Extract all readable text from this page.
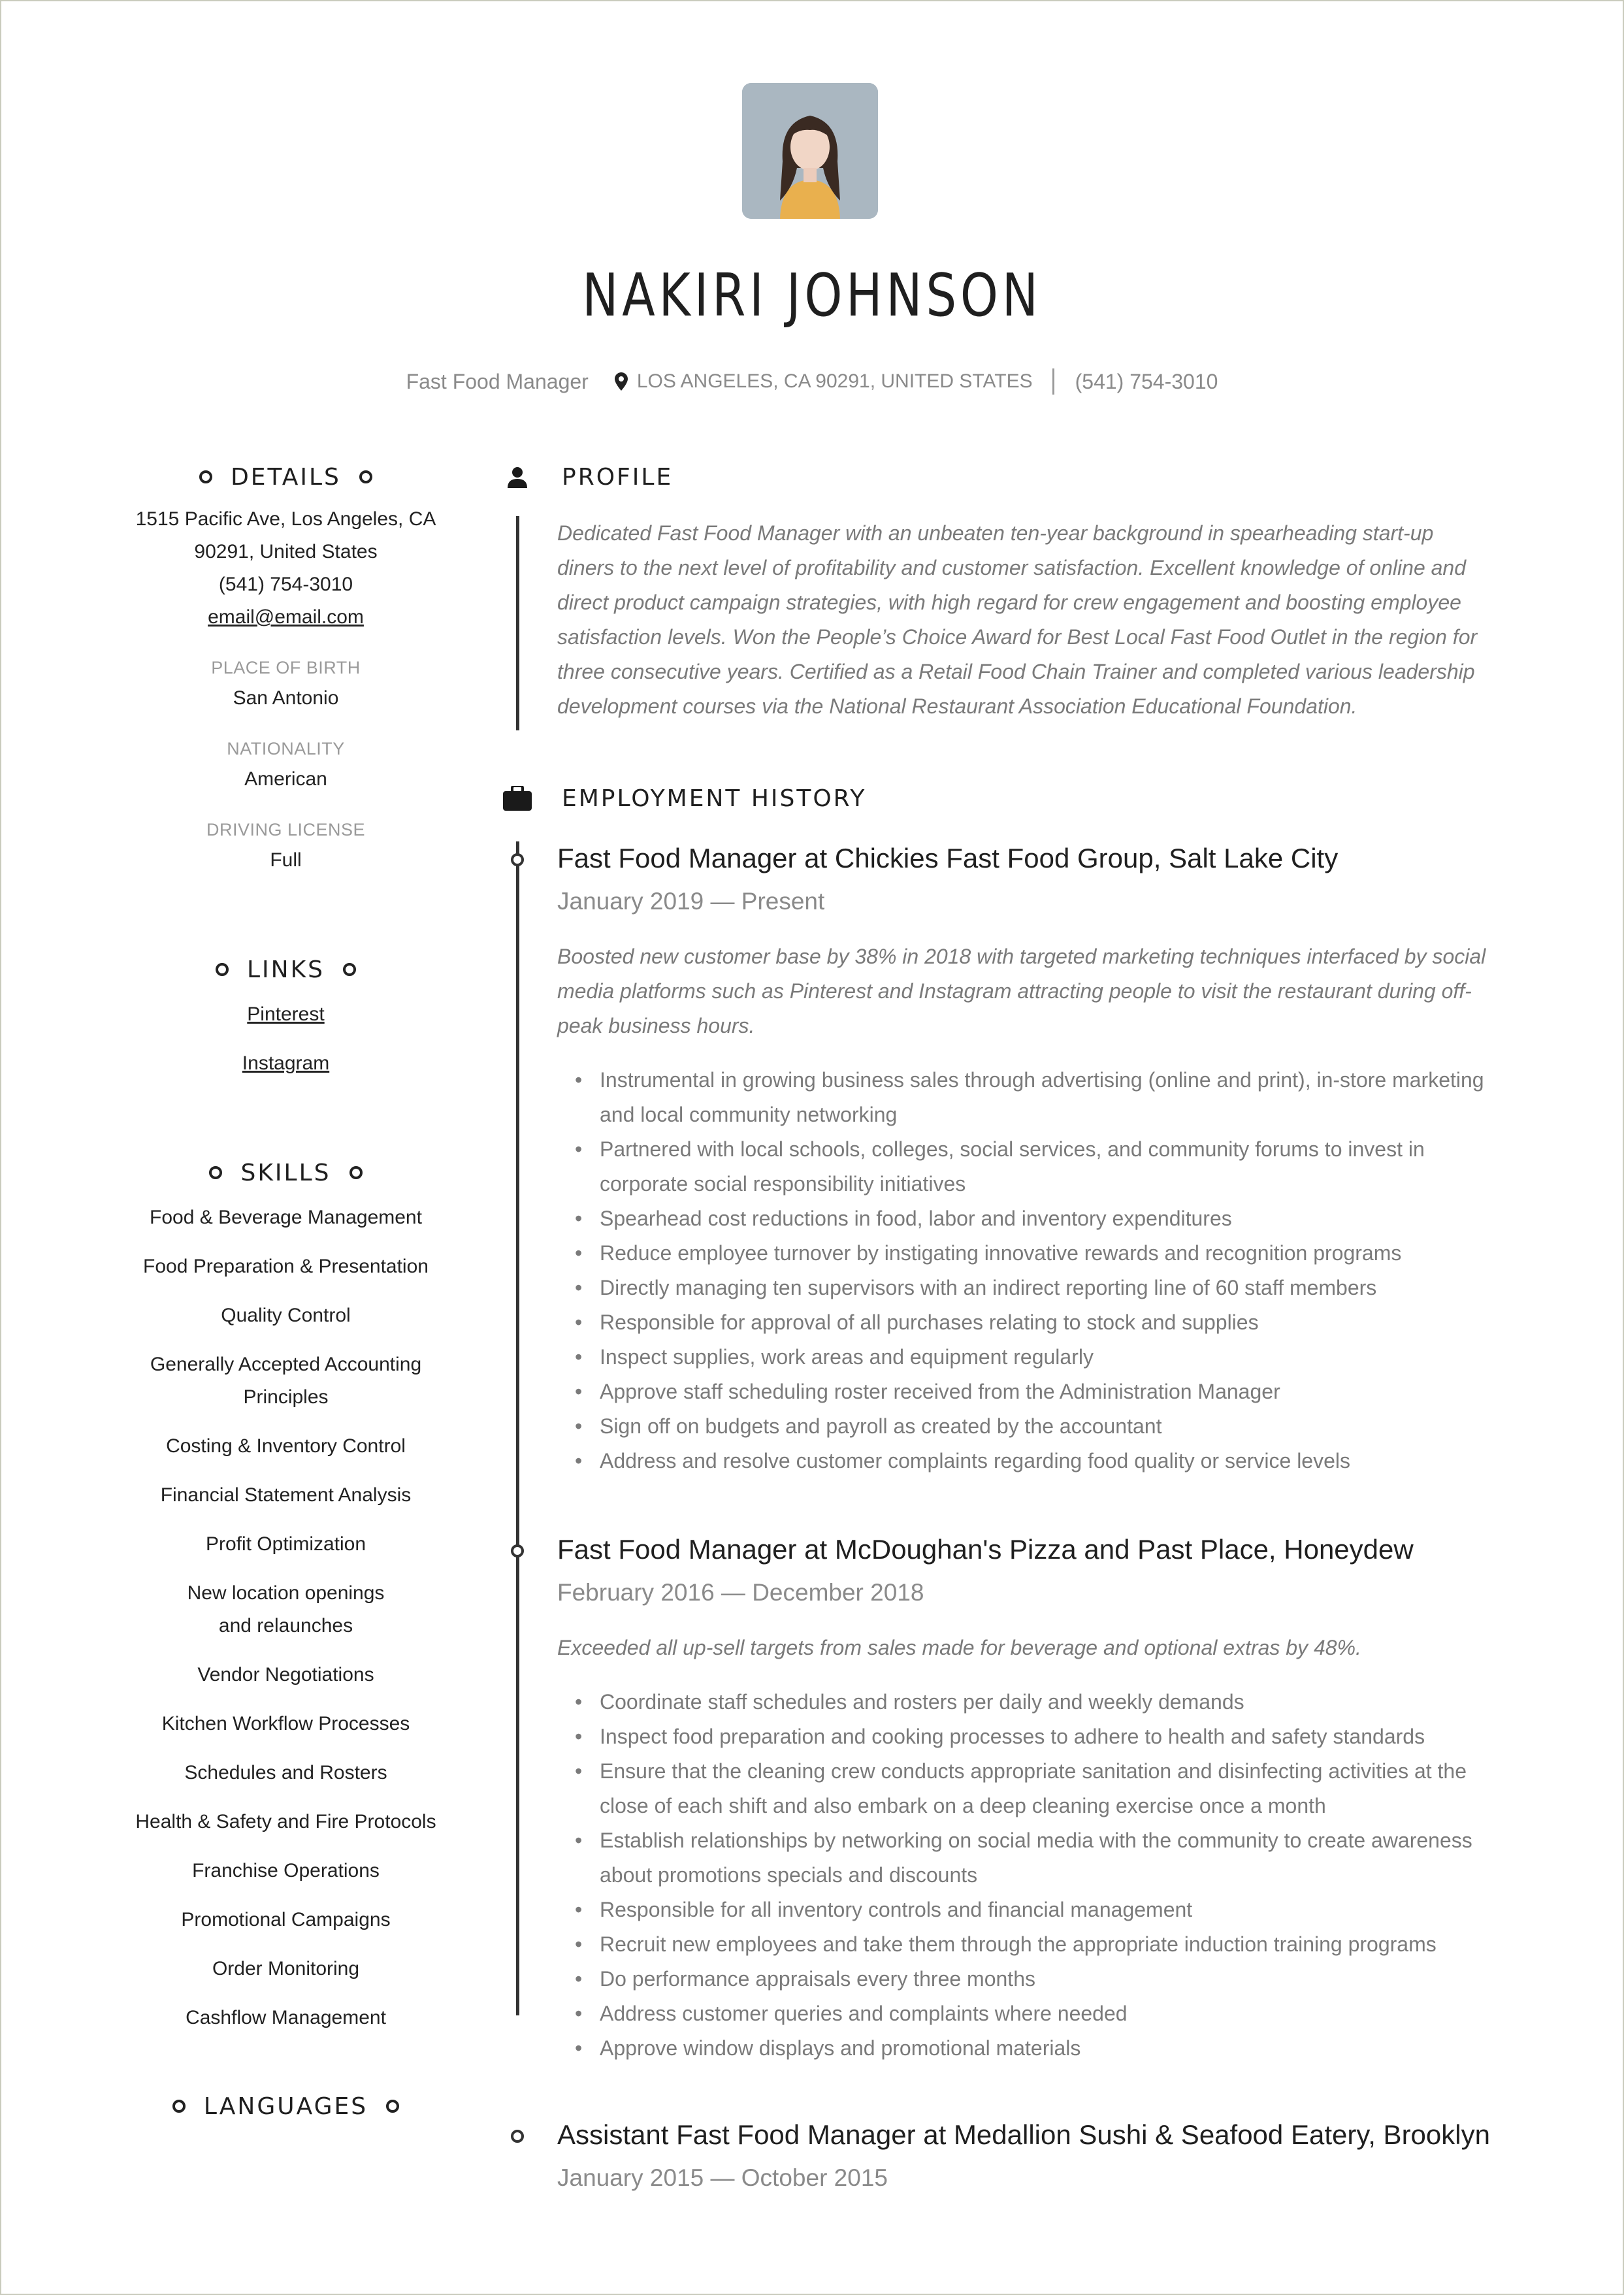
NAKIRI JOHNSON
Fast Food Manager LOS ANGELES, CA 90291, UNITED STATES (541) 754-3010
DETAILS
1515 Pacific Ave, Los Angeles, CA
90291, United States
(541) 754-3010
email@email.com
PLACE OF BIRTH
San Antonio
NATIONALITY
American
DRIVING LICENSE
Full
LINKS
Pinterest
Instagram
SKILLS
Food & Beverage Management
Food Preparation & Presentation
Quality Control
Generally Accepted Accounting Principles
Costing & Inventory Control
Financial Statement Analysis
Profit Optimization
New location openings and relaunches
Vendor Negotiations
Kitchen Workflow Processes
Schedules and Rosters
Health & Safety and Fire Protocols
Franchise Operations
Promotional Campaigns
Order Monitoring
Cashflow Management
LANGUAGES
PROFILE
Dedicated Fast Food Manager with an unbeaten ten-year background in spearheading start-up diners to the next level of profitability and customer satisfaction. Excellent knowledge of online and direct product campaign strategies, with high regard for crew engagement and boosting employee satisfaction levels. Won the People’s Choice Award for Best Local Fast Food Outlet in the region for three consecutive years. Certified as a Retail Food Chain Trainer and completed various leadership development courses via the National Restaurant Association Educational Foundation.
EMPLOYMENT HISTORY
Fast Food Manager at Chickies Fast Food Group, Salt Lake City
January 2019 — Present
Boosted new customer base by 38% in 2018 with targeted marketing techniques interfaced by social media platforms such as Pinterest and Instagram attracting people to visit the restaurant during off-peak business hours.
• Instrumental in growing business sales through advertising (online and print), in-store marketing and local community networking
• Partnered with local schools, colleges, social services, and community forums to invest in corporate social responsibility initiatives
• Spearhead cost reductions in food, labor and inventory expenditures
• Reduce employee turnover by instigating innovative rewards and recognition programs
• Directly managing ten supervisors with an indirect reporting line of 60 staff members
• Responsible for approval of all purchases relating to stock and supplies
• Inspect supplies, work areas and equipment regularly
• Approve staff scheduling roster received from the Administration Manager
• Sign off on budgets and payroll as created by the accountant
• Address and resolve customer complaints regarding food quality or service levels
Fast Food Manager at McDoughan's Pizza and Past Place, Honeydew
February 2016 — December 2018
Exceeded all up-sell targets from sales made for beverage and optional extras by 48%.
• Coordinate staff schedules and rosters per daily and weekly demands
• Inspect food preparation and cooking processes to adhere to health and safety standards
• Ensure that the cleaning crew conducts appropriate sanitation and disinfecting activities at the close of each shift and also embark on a deep cleaning exercise once a month
• Establish relationships by networking on social media with the community to create awareness about promotions specials and discounts
• Responsible for all inventory controls and financial management
• Recruit new employees and take them through the appropriate induction training programs
• Do performance appraisals every three months
• Address customer queries and complaints where needed
• Approve window displays and promotional materials
Assistant Fast Food Manager at Medallion Sushi & Seafood Eatery, Brooklyn
January 2015 — October 2015
